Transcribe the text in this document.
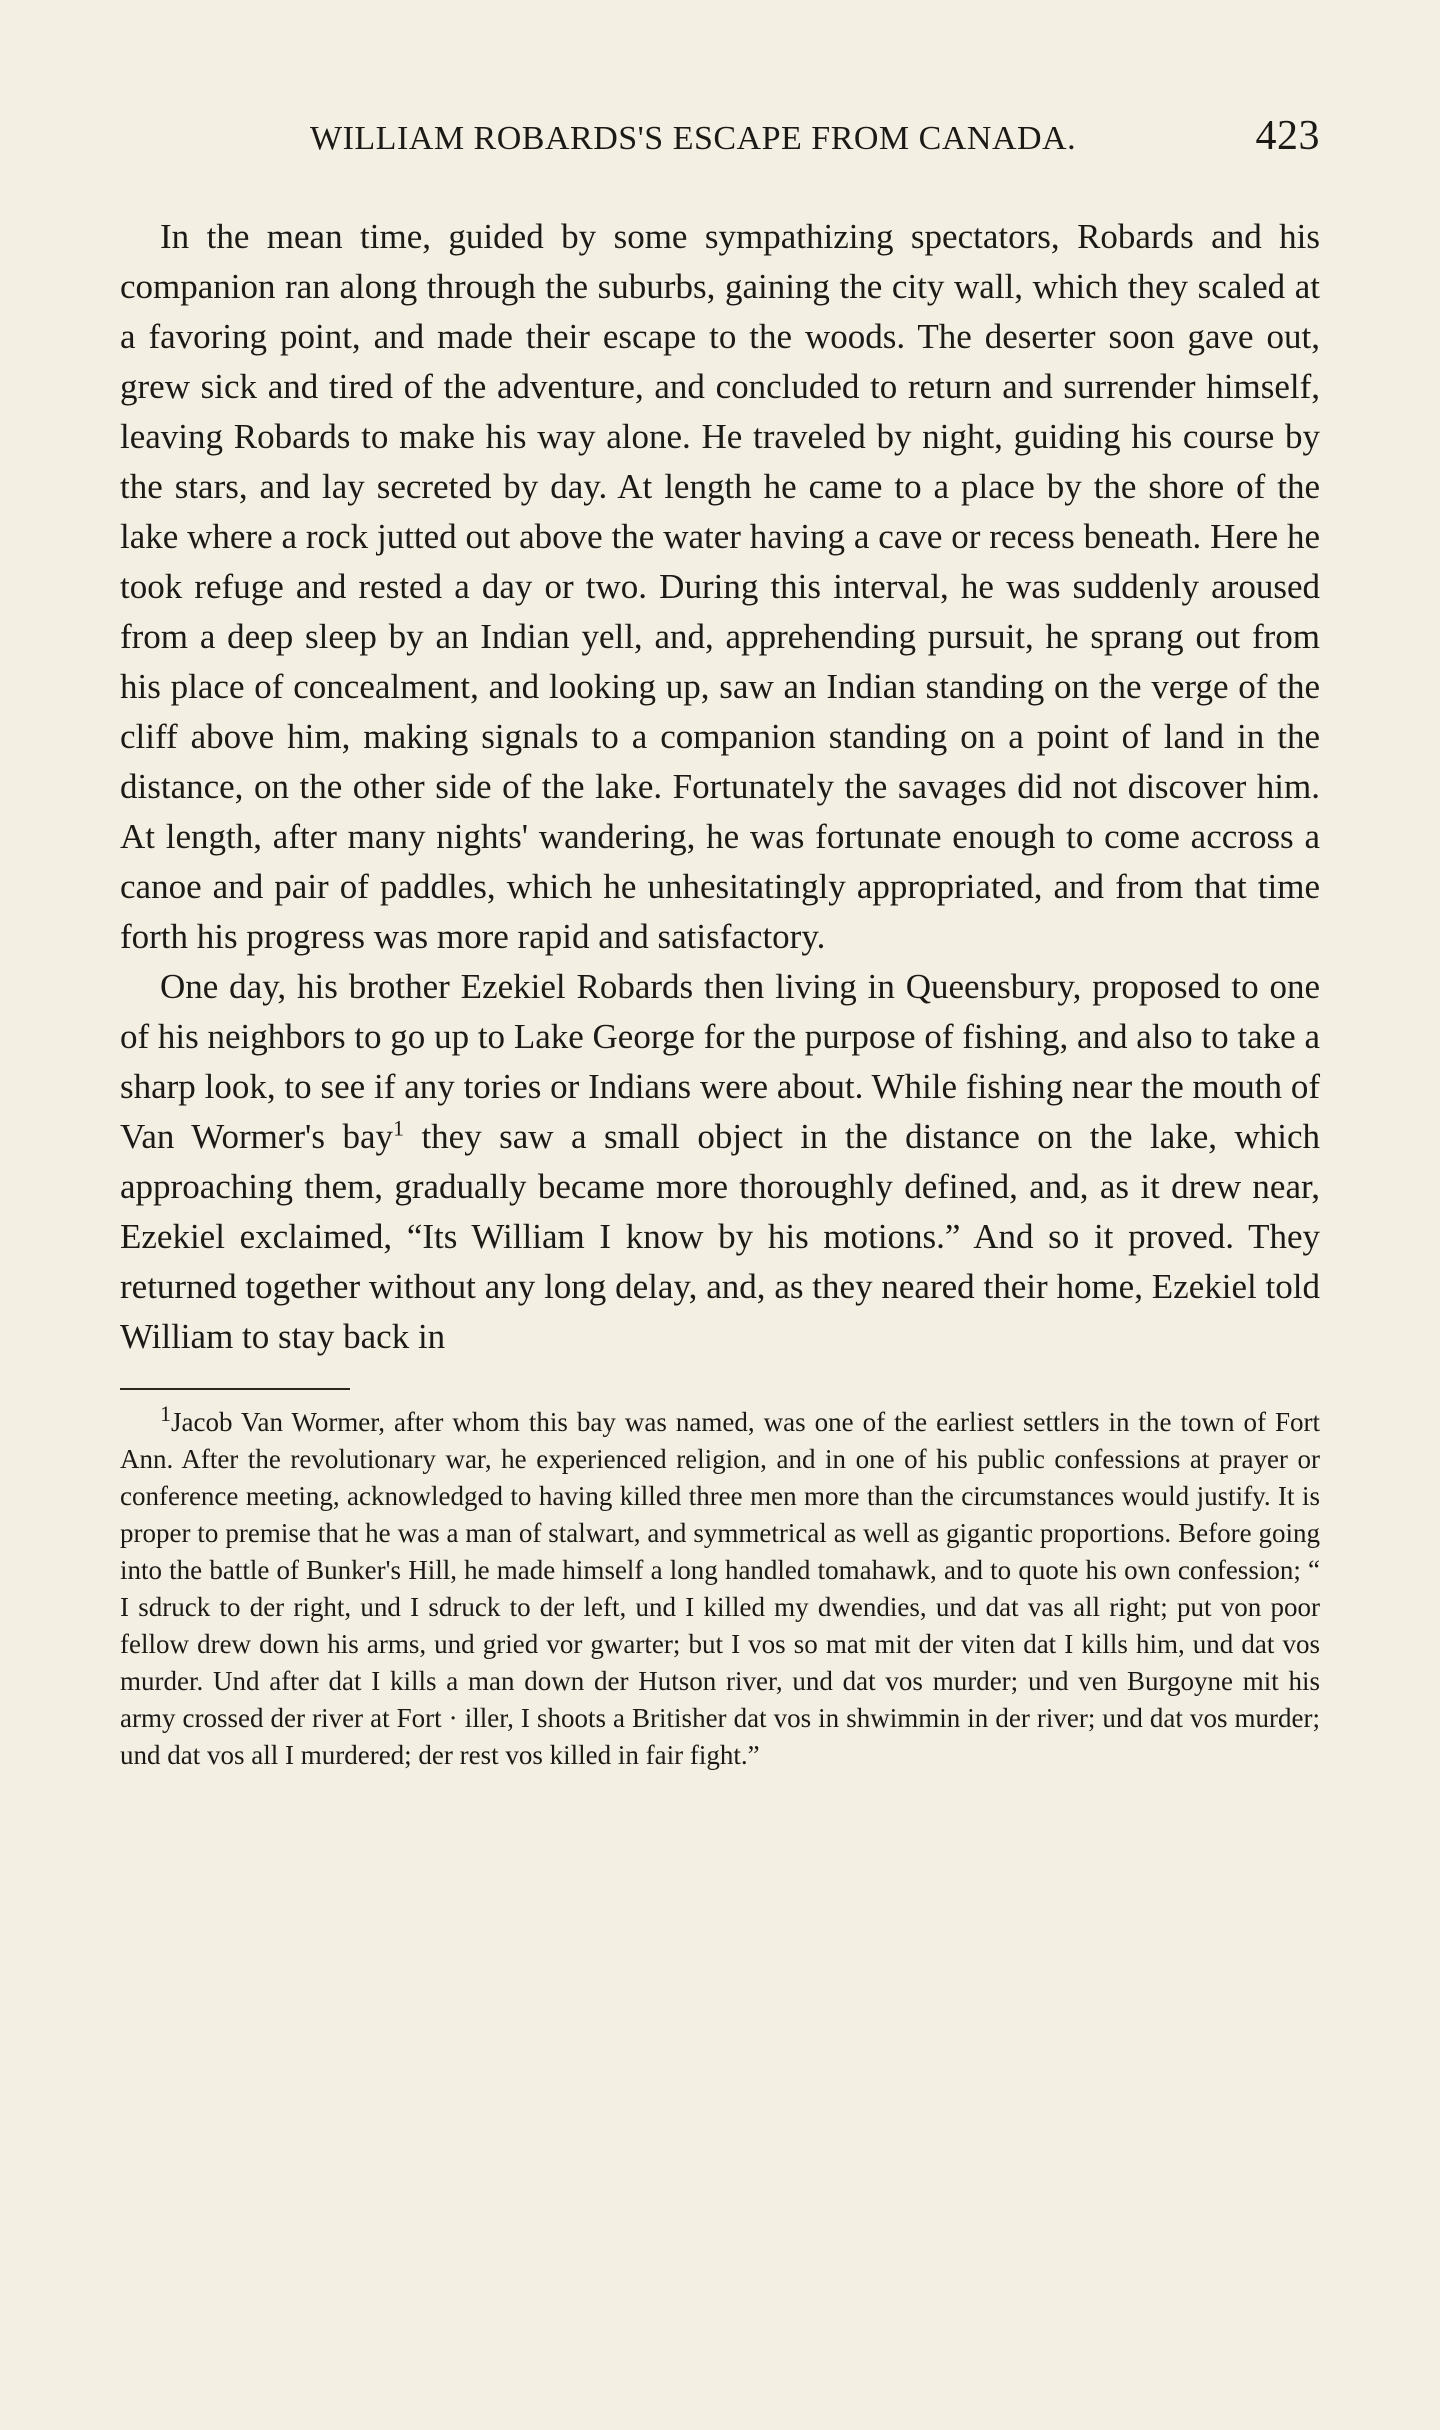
WILLIAM ROBARDS'S ESCAPE FROM CANADA.	423

In the mean time, guided by some sympathizing spectators, Robards and his companion ran along through the suburbs, gaining the city wall, which they scaled at a favoring point, and made their escape to the woods. The deserter soon gave out, grew sick and tired of the adventure, and concluded to return and surrender himself, leaving Robards to make his way alone. He traveled by night, guiding his course by the stars, and lay secreted by day. At length he came to a place by the shore of the lake where a rock jutted out above the water having a cave or recess beneath. Here he took refuge and rested a day or two. During this interval, he was suddenly aroused from a deep sleep by an Indian yell, and, apprehending pursuit, he sprang out from his place of concealment, and looking up, saw an Indian standing on the verge of the cliff above him, making signals to a companion standing on a point of land in the distance, on the other side of the lake. Fortunately the savages did not discover him. At length, after many nights' wandering, he was fortunate enough to come accross a canoe and pair of paddles, which he unhesitatingly appropriated, and from that time forth his progress was more rapid and satisfactory.

One day, his brother Ezekiel Robards then living in Queensbury, proposed to one of his neighbors to go up to Lake George for the purpose of fishing, and also to take a sharp look, to see if any tories or Indians were about. While fishing near the mouth of Van Wormer's bay$^1$ they saw a small object in the distance on the lake, which approaching them, gradually became more thoroughly defined, and, as it drew near, Ezekiel exclaimed, “Its William I know by his motions.” And so it proved. They returned together without any long delay, and, as they neared their home, Ezekiel told William to stay back in

$^1$Jacob Van Wormer, after whom this bay was named, was one of the earliest settlers in the town of Fort Ann. After the revolutionary war, he experienced religion, and in one of his public confessions at prayer or conference meeting, acknowledged to having killed three men more than the circumstances would justify. It is proper to premise that he was a man of stalwart, and symmetrical as well as gigantic proportions. Before going into the battle of Bunker's Hill, he made himself a long handled tomahawk, and to quote his own confession; “ I sdruck to der right, und I sdruck to der left, und I killed my dwendies, und dat vas all right; put von poor fellow drew down his arms, und gried vor gwarter; but I vos so mat mit der viten dat I kills him, und dat vos murder. Und after dat I kills a man down der Hutson river, und dat vos murder; und ven Burgoyne mit his army crossed der river at Fort · iller, I shoots a Britisher dat vos in shwimmin in der river; und dat vos murder; und dat vos all I murdered; der rest vos killed in fair fight.”
